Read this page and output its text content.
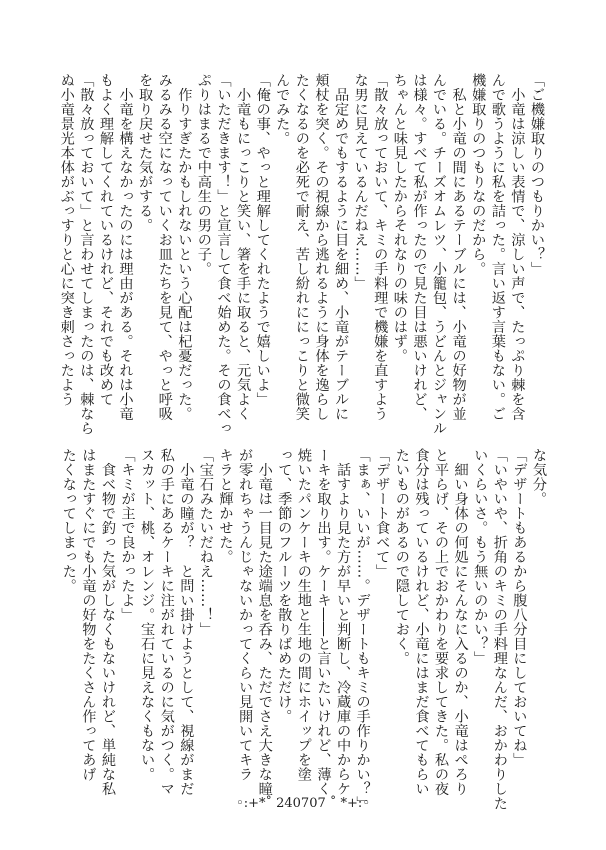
「ご機嫌取りのつもりかい？」
　小竜は涼しい表情で、涼しい声で、たっぷり棘を含
んで歌うように私を詰った。言い返す言葉もない。ご
機嫌取りのつもりなのだから。
　私と小竜の間にあるテーブルには、小竜の好物が並
んでいる。チーズオムレツ、小籠包、うどんとジャンル
は様々。すべて私が作ったので見た目は悪いけれど、
ちゃんと味見したからそれなりの味のはず。
「散々放っておいて、キミの手料理で機嫌を直すよう
な男に見えているんだねえ……」
　品定めでもするように目を細め、小竜がテーブルに
頬杖を突く。その視線から逃れるように身体を逸らし
たくなるのを必死で耐え、苦し紛れににっこりと微笑
んでみた。
「俺の事、やっと理解してくれたようで嬉しいよ」
　小竜もにっこりと笑い、箸を手に取ると、元気よく
「いただきます！」と宣言して食べ始めた。その食べっ
ぷりはまるで中高生の男の子。
　作りすぎたかもしれないという心配は杞憂だった。
みるみる空になっていくお皿たちを見て、やっと呼吸
を取り戻せた気がする。
　小竜を構えなかったのには理由がある。それは小竜
もよく理解してくれているけれど、それでも改めて
「散々放っておいて」と言わせてしまったのは、棘なら
ぬ小竜景光本体がぶっすりと心に突き刺さったよう
な気分。
「デザートもあるから腹八分目にしておいてね」
「いやいや、折角のキミの手料理なんだ、おかわりした
いくらいさ。もう無いのかい？」
　細い身体の何処にそんなに入るのか、小竜はぺろり
と平らげ、その上でおかわりを要求してきた。私の夜
食分は残っているけれど、小竜にはまだ食べてもらい
たいものがあるので隠しておく。
「デザート食べて」
「まぁ、いいが……。デザートもキミの手作りかい？」
　話すより見た方が早いと判断し、冷蔵庫の中からケ
ーキを取り出す。ケーキ――と言いたいけれど、薄く
焼いたパンケーキの生地と生地の間にホイップを塗
って、季節のフルーツを散りばめただけ。
　小竜は一目見た途端息を呑み、ただでさえ大きな瞳
が零れちゃうんじゃないかってくらい見開いてキラ
キラと輝かせた。
「宝石みたいだねえ……！」
　小竜の瞳が？　と問い掛けようとして、視線がまだ
私の手にあるケーキに注がれているのに気がつく。マ
スカット、桃、オレンジ。宝石に見えなくもない。
「キミが主で良かったよ」
　食べ物で釣った気がしなくもないけれど、単純な私
はまたすぐにでも小竜の好物をたくさん作ってあげ
たくなってしまった。
◦:+*˚ 240707 ˚ *+:◦
